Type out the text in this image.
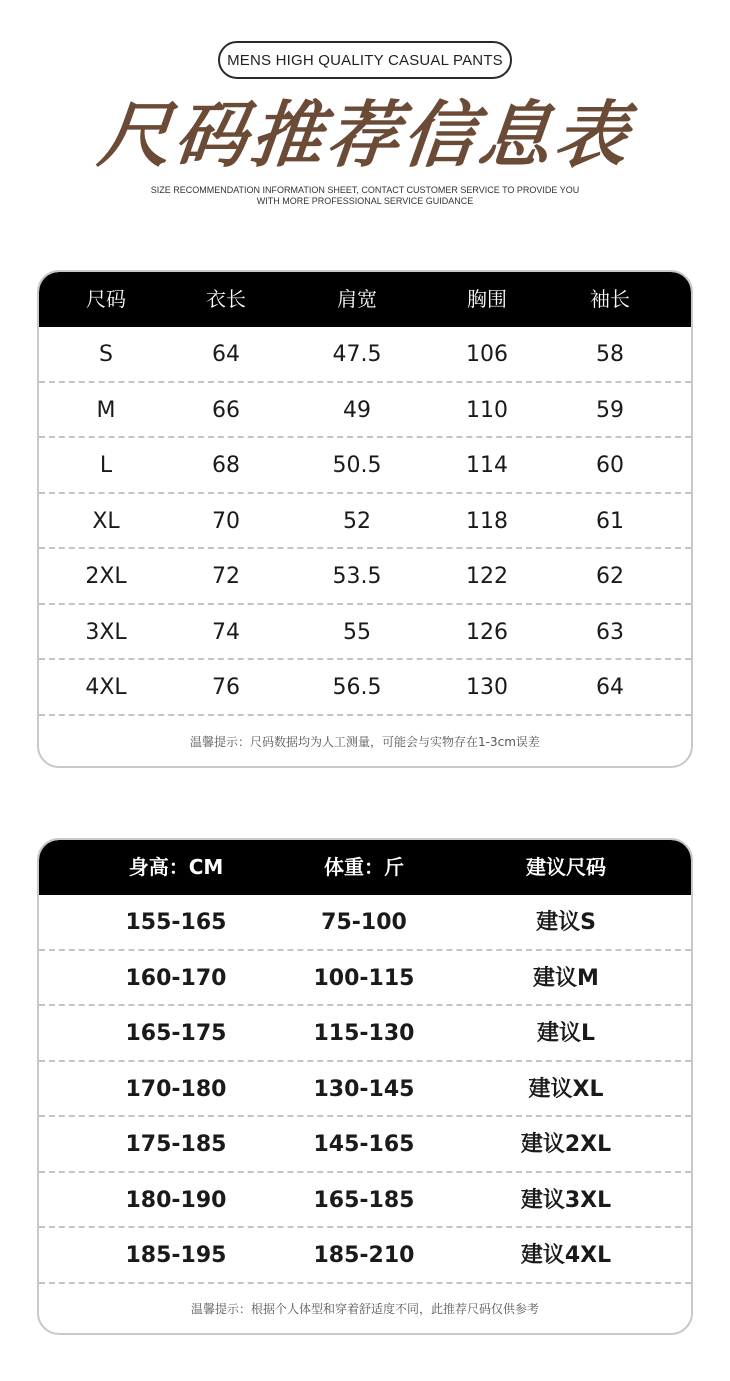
MENS HIGH QUALITY CASUAL PANTS
尺码推荐信息表
SIZE RECOMMENDATION INFORMATION SHEET, CONTACT CUSTOMER SERVICE TO PROVIDE YOU
WITH MORE PROFESSIONAL SERVICE GUIDANCE
尺码	衣长	肩宽	胸围	袖长
S	64	47.5	106	58
M	66	49	110	59
L	68	50.5	114	60
XL	70	52	118	61
2XL	72	53.5	122	62
3XL	74	55	126	63
4XL	76	56.5	130	64
温馨提示：尺码数据均为人工测量，可能会与实物存在1-3cm误差
身高：CM	体重：斤	建议尺码
155-165	75-100	建议S
160-170	100-115	建议M
165-175	115-130	建议L
170-180	130-145	建议XL
175-185	145-165	建议2XL
180-190	165-185	建议3XL
185-195	185-210	建议4XL
温馨提示：根据个人体型和穿着舒适度不同，此推荐尺码仅供参考
